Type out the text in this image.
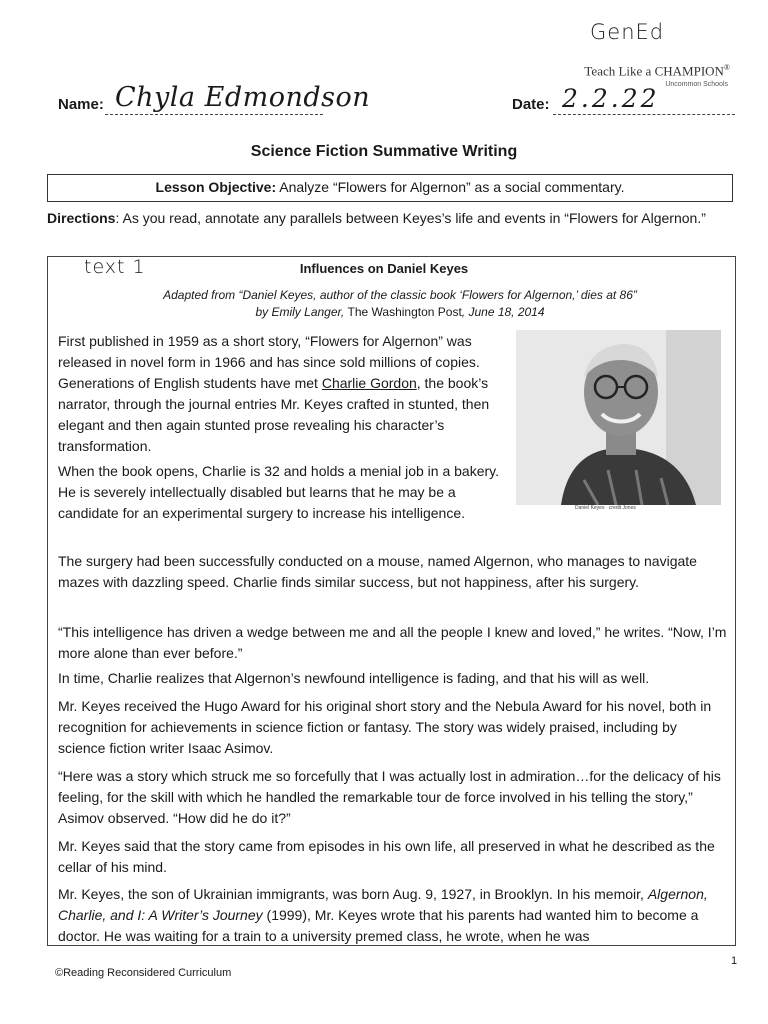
GenEd
Teach Like a CHAMPION®
Uncommon Schools
Name: Chyla Edmondson	Date: 2.2.22
Science Fiction Summative Writing
Lesson Objective: Analyze “Flowers for Algernon” as a social commentary.
Directions: As you read, annotate any parallels between Keyes’s life and events in “Flowers for Algernon.”
text 1	Influences on Daniel Keyes
Adapted from “Daniel Keyes, author of the classic book ‘Flowers for Algernon,’ dies at 86”
by Emily Langer, The Washington Post, June 18, 2014
Daniel Keyes · credit Jones
First published in 1959 as a short story, “Flowers for Algernon” was released in novel form in 1966 and has since sold millions of copies. Generations of English students have met Charlie Gordon, the book’s narrator, through the journal entries Mr. Keyes crafted in stunted, then elegant and then again stunted prose revealing his character’s transformation.
When the book opens, Charlie is 32 and holds a menial job in a bakery. He is severely intellectually disabled but learns that he may be a candidate for an experimental surgery to increase his intelligence.
The surgery had been successfully conducted on a mouse, named Algernon, who manages to navigate mazes with dazzling speed. Charlie finds similar success, but not happiness, after his surgery.
“This intelligence has driven a wedge between me and all the people I knew and loved,” he writes. “Now, I’m more alone than ever before.”
In time, Charlie realizes that Algernon’s newfound intelligence is fading, and that his will as well.
Mr. Keyes received the Hugo Award for his original short story and the Nebula Award for his novel, both in recognition for achievements in science fiction or fantasy. The story was widely praised, including by science fiction writer Isaac Asimov.
“Here was a story which struck me so forcefully that I was actually lost in admiration…for the delicacy of his feeling, for the skill with which he handled the remarkable tour de force involved in his telling the story,” Asimov observed. “How did he do it?”
Mr. Keyes said that the story came from episodes in his own life, all preserved in what he described as the cellar of his mind.
Mr. Keyes, the son of Ukrainian immigrants, was born Aug. 9, 1927, in Brooklyn. In his memoir, Algernon, Charlie, and I: A Writer’s Journey (1999), Mr. Keyes wrote that his parents had wanted him to become a doctor. He was waiting for a train to a university premed class, he wrote, when he was
©Reading Reconsidered Curriculum
1
